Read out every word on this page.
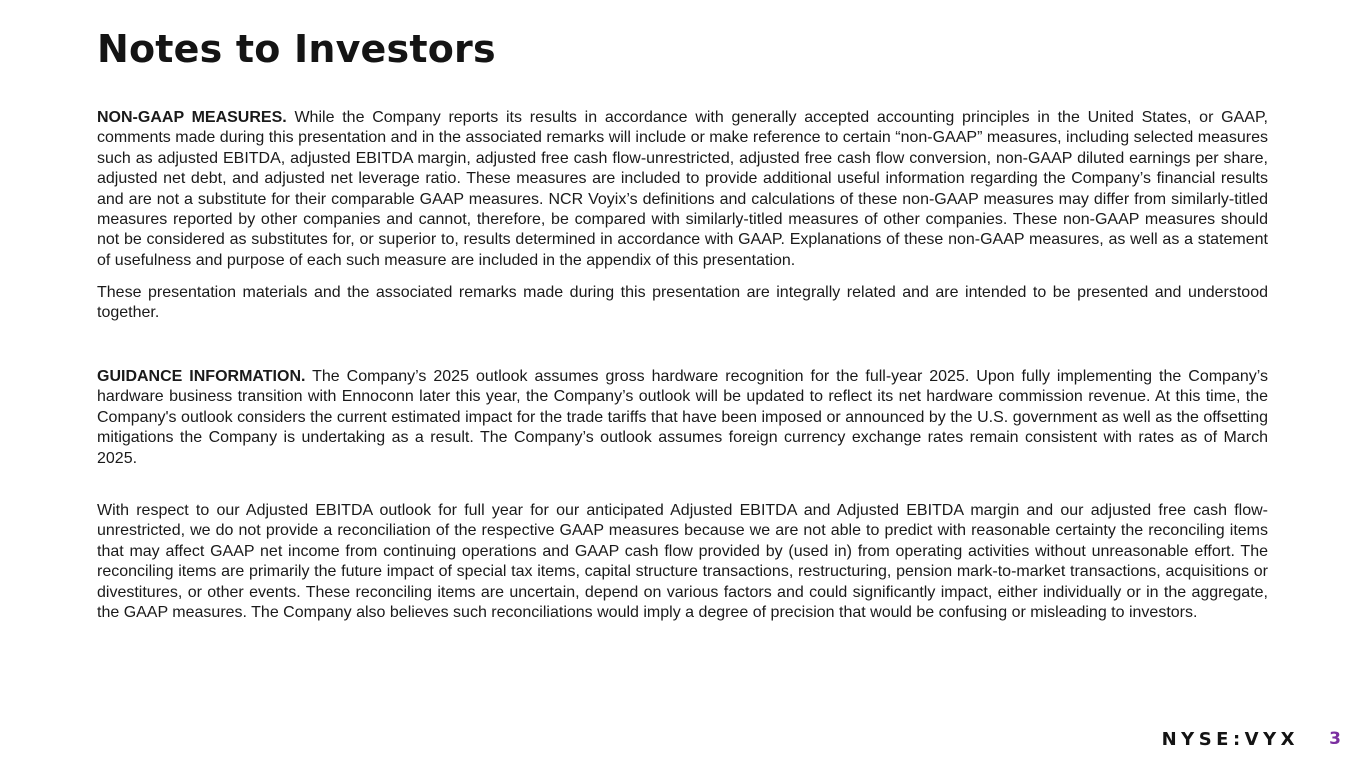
Notes to Investors

NON-GAAP MEASURES. While the Company reports its results in accordance with generally accepted accounting principles in the United States, or GAAP, comments made during this presentation and in the associated remarks will include or make reference to certain “non-GAAP” measures, including selected measures such as adjusted EBITDA, adjusted EBITDA margin, adjusted free cash flow-unrestricted, adjusted free cash flow conversion, non-GAAP diluted earnings per share, adjusted net debt, and adjusted net leverage ratio. These measures are included to provide additional useful information regarding the Company’s financial results and are not a substitute for their comparable GAAP measures. NCR Voyix’s definitions and calculations of these non-GAAP measures may differ from similarly-titled measures reported by other companies and cannot, therefore, be compared with similarly-titled measures of other companies. These non-GAAP measures should not be considered as substitutes for, or superior to, results determined in accordance with GAAP. Explanations of these non-GAAP measures, as well as a statement of usefulness and purpose of each such measure are included in the appendix of this presentation.

These presentation materials and the associated remarks made during this presentation are integrally related and are intended to be presented and understood together.

GUIDANCE INFORMATION. The Company’s 2025 outlook assumes gross hardware recognition for the full-year 2025. Upon fully implementing the Company’s hardware business transition with Ennoconn later this year, the Company’s outlook will be updated to reflect its net hardware commission revenue. At this time, the Company's outlook considers the current estimated impact for the trade tariffs that have been imposed or announced by the U.S. government as well as the offsetting mitigations the Company is undertaking as a result. The Company’s outlook assumes foreign currency exchange rates remain consistent with rates as of March 2025.

With respect to our Adjusted EBITDA outlook for full year for our anticipated Adjusted EBITDA and Adjusted EBITDA margin and our adjusted free cash flow-unrestricted, we do not provide a reconciliation of the respective GAAP measures because we are not able to predict with reasonable certainty the reconciling items that may affect GAAP net income from continuing operations and GAAP cash flow provided by (used in) from operating activities without unreasonable effort. The reconciling items are primarily the future impact of special tax items, capital structure transactions, restructuring, pension mark-to-market transactions, acquisitions or divestitures, or other events. These reconciling items are uncertain, depend on various factors and could significantly impact, either individually or in the aggregate, the GAAP measures. The Company also believes such reconciliations would imply a degree of precision that would be confusing or misleading to investors.

NYSE:VYX 3
